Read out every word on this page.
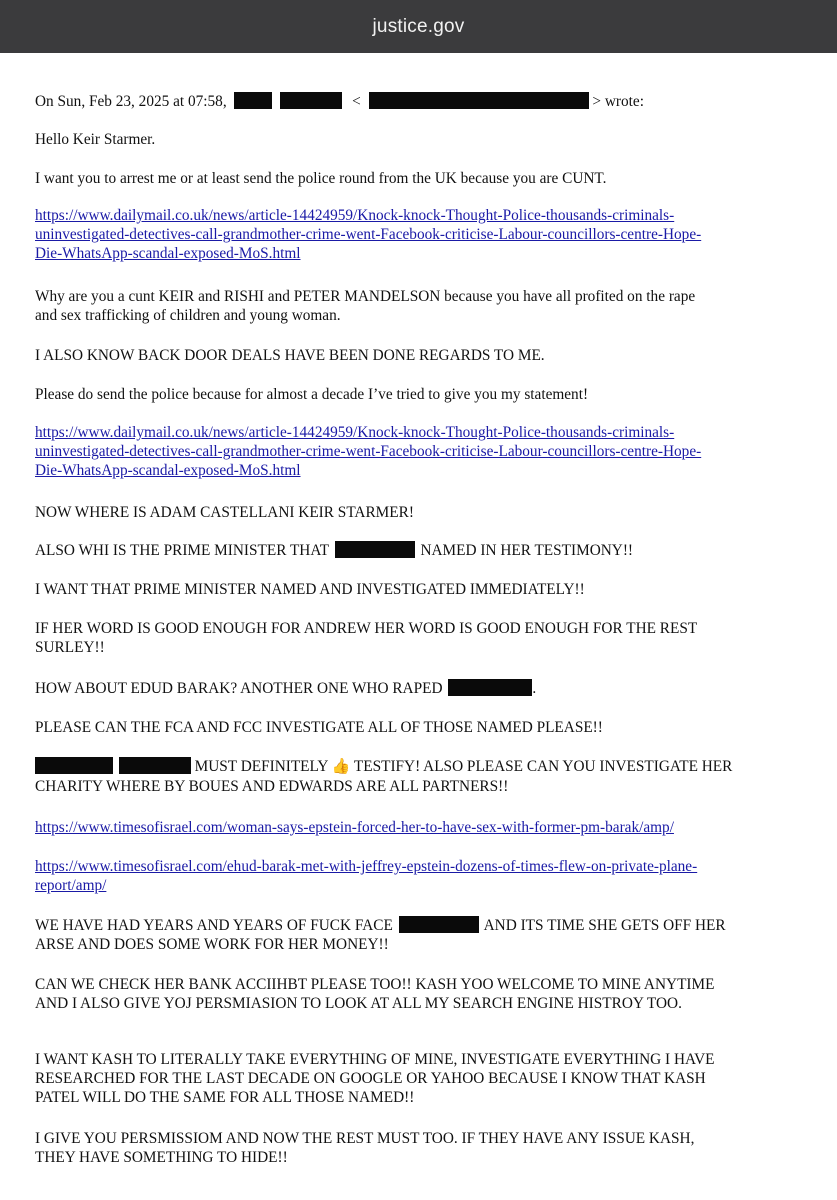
justice.gov
On Sun, Feb 23, 2025 at 07:58,	<	> wrote:
Hello Keir Starmer.
I want you to arrest me or at least send the police round from the UK because you are CUNT.
https://www.dailymail.co.uk/news/article-14424959/Knock-knock-Thought-Police-thousands-criminals-
uninvestigated-detectives-call-grandmother-crime-went-Facebook-criticise-Labour-councillors-centre-Hope-
Die-WhatsApp-scandal-exposed-MoS.html
Why are you a cunt KEIR and RISHI and PETER MANDELSON because you have all profited on the rape
and sex trafficking of children and young woman.
I ALSO KNOW BACK DOOR DEALS HAVE BEEN DONE REGARDS TO ME.
Please do send the police because for almost a decade I’ve tried to give you my statement!
https://www.dailymail.co.uk/news/article-14424959/Knock-knock-Thought-Police-thousands-criminals-
uninvestigated-detectives-call-grandmother-crime-went-Facebook-criticise-Labour-councillors-centre-Hope-
Die-WhatsApp-scandal-exposed-MoS.html
NOW WHERE IS ADAM CASTELLANI KEIR STARMER!
ALSO WHI IS THE PRIME MINISTER THAT	NAMED IN HER TESTIMONY!!
I WANT THAT PRIME MINISTER NAMED AND INVESTIGATED IMMEDIATELY!!
IF HER WORD IS GOOD ENOUGH FOR ANDREW HER WORD IS GOOD ENOUGH FOR THE REST
SURLEY!!
HOW ABOUT EDUD BARAK? ANOTHER ONE WHO RAPED	.
PLEASE CAN THE FCA AND FCC INVESTIGATE ALL OF THOSE NAMED PLEASE!!
MUST DEFINITELY 👍 TESTIFY! ALSO PLEASE CAN YOU INVESTIGATE HER
CHARITY WHERE BY BOUES AND EDWARDS ARE ALL PARTNERS!!
https://www.timesofisrael.com/woman-says-epstein-forced-her-to-have-sex-with-former-pm-barak/amp/
https://www.timesofisrael.com/ehud-barak-met-with-jeffrey-epstein-dozens-of-times-flew-on-private-plane-
report/amp/
WE HAVE HAD YEARS AND YEARS OF FUCK FACE	AND ITS TIME SHE GETS OFF HER
ARSE AND DOES SOME WORK FOR HER MONEY!!
CAN WE CHECK HER BANK ACCIIHBT PLEASE TOO!! KASH YOO WELCOME TO MINE ANYTIME
AND I ALSO GIVE YOJ PERSMIASION TO LOOK AT ALL MY SEARCH ENGINE HISTROY TOO.
I WANT KASH TO LITERALLY TAKE EVERYTHING OF MINE, INVESTIGATE EVERYTHING I HAVE
RESEARCHED FOR THE LAST DECADE ON GOOGLE OR YAHOO BECAUSE I KNOW THAT KASH
PATEL WILL DO THE SAME FOR ALL THOSE NAMED!!
I GIVE YOU PERSMISSIOM AND NOW THE REST MUST TOO. IF THEY HAVE ANY ISSUE KASH,
THEY HAVE SOMETHING TO HIDE!!
